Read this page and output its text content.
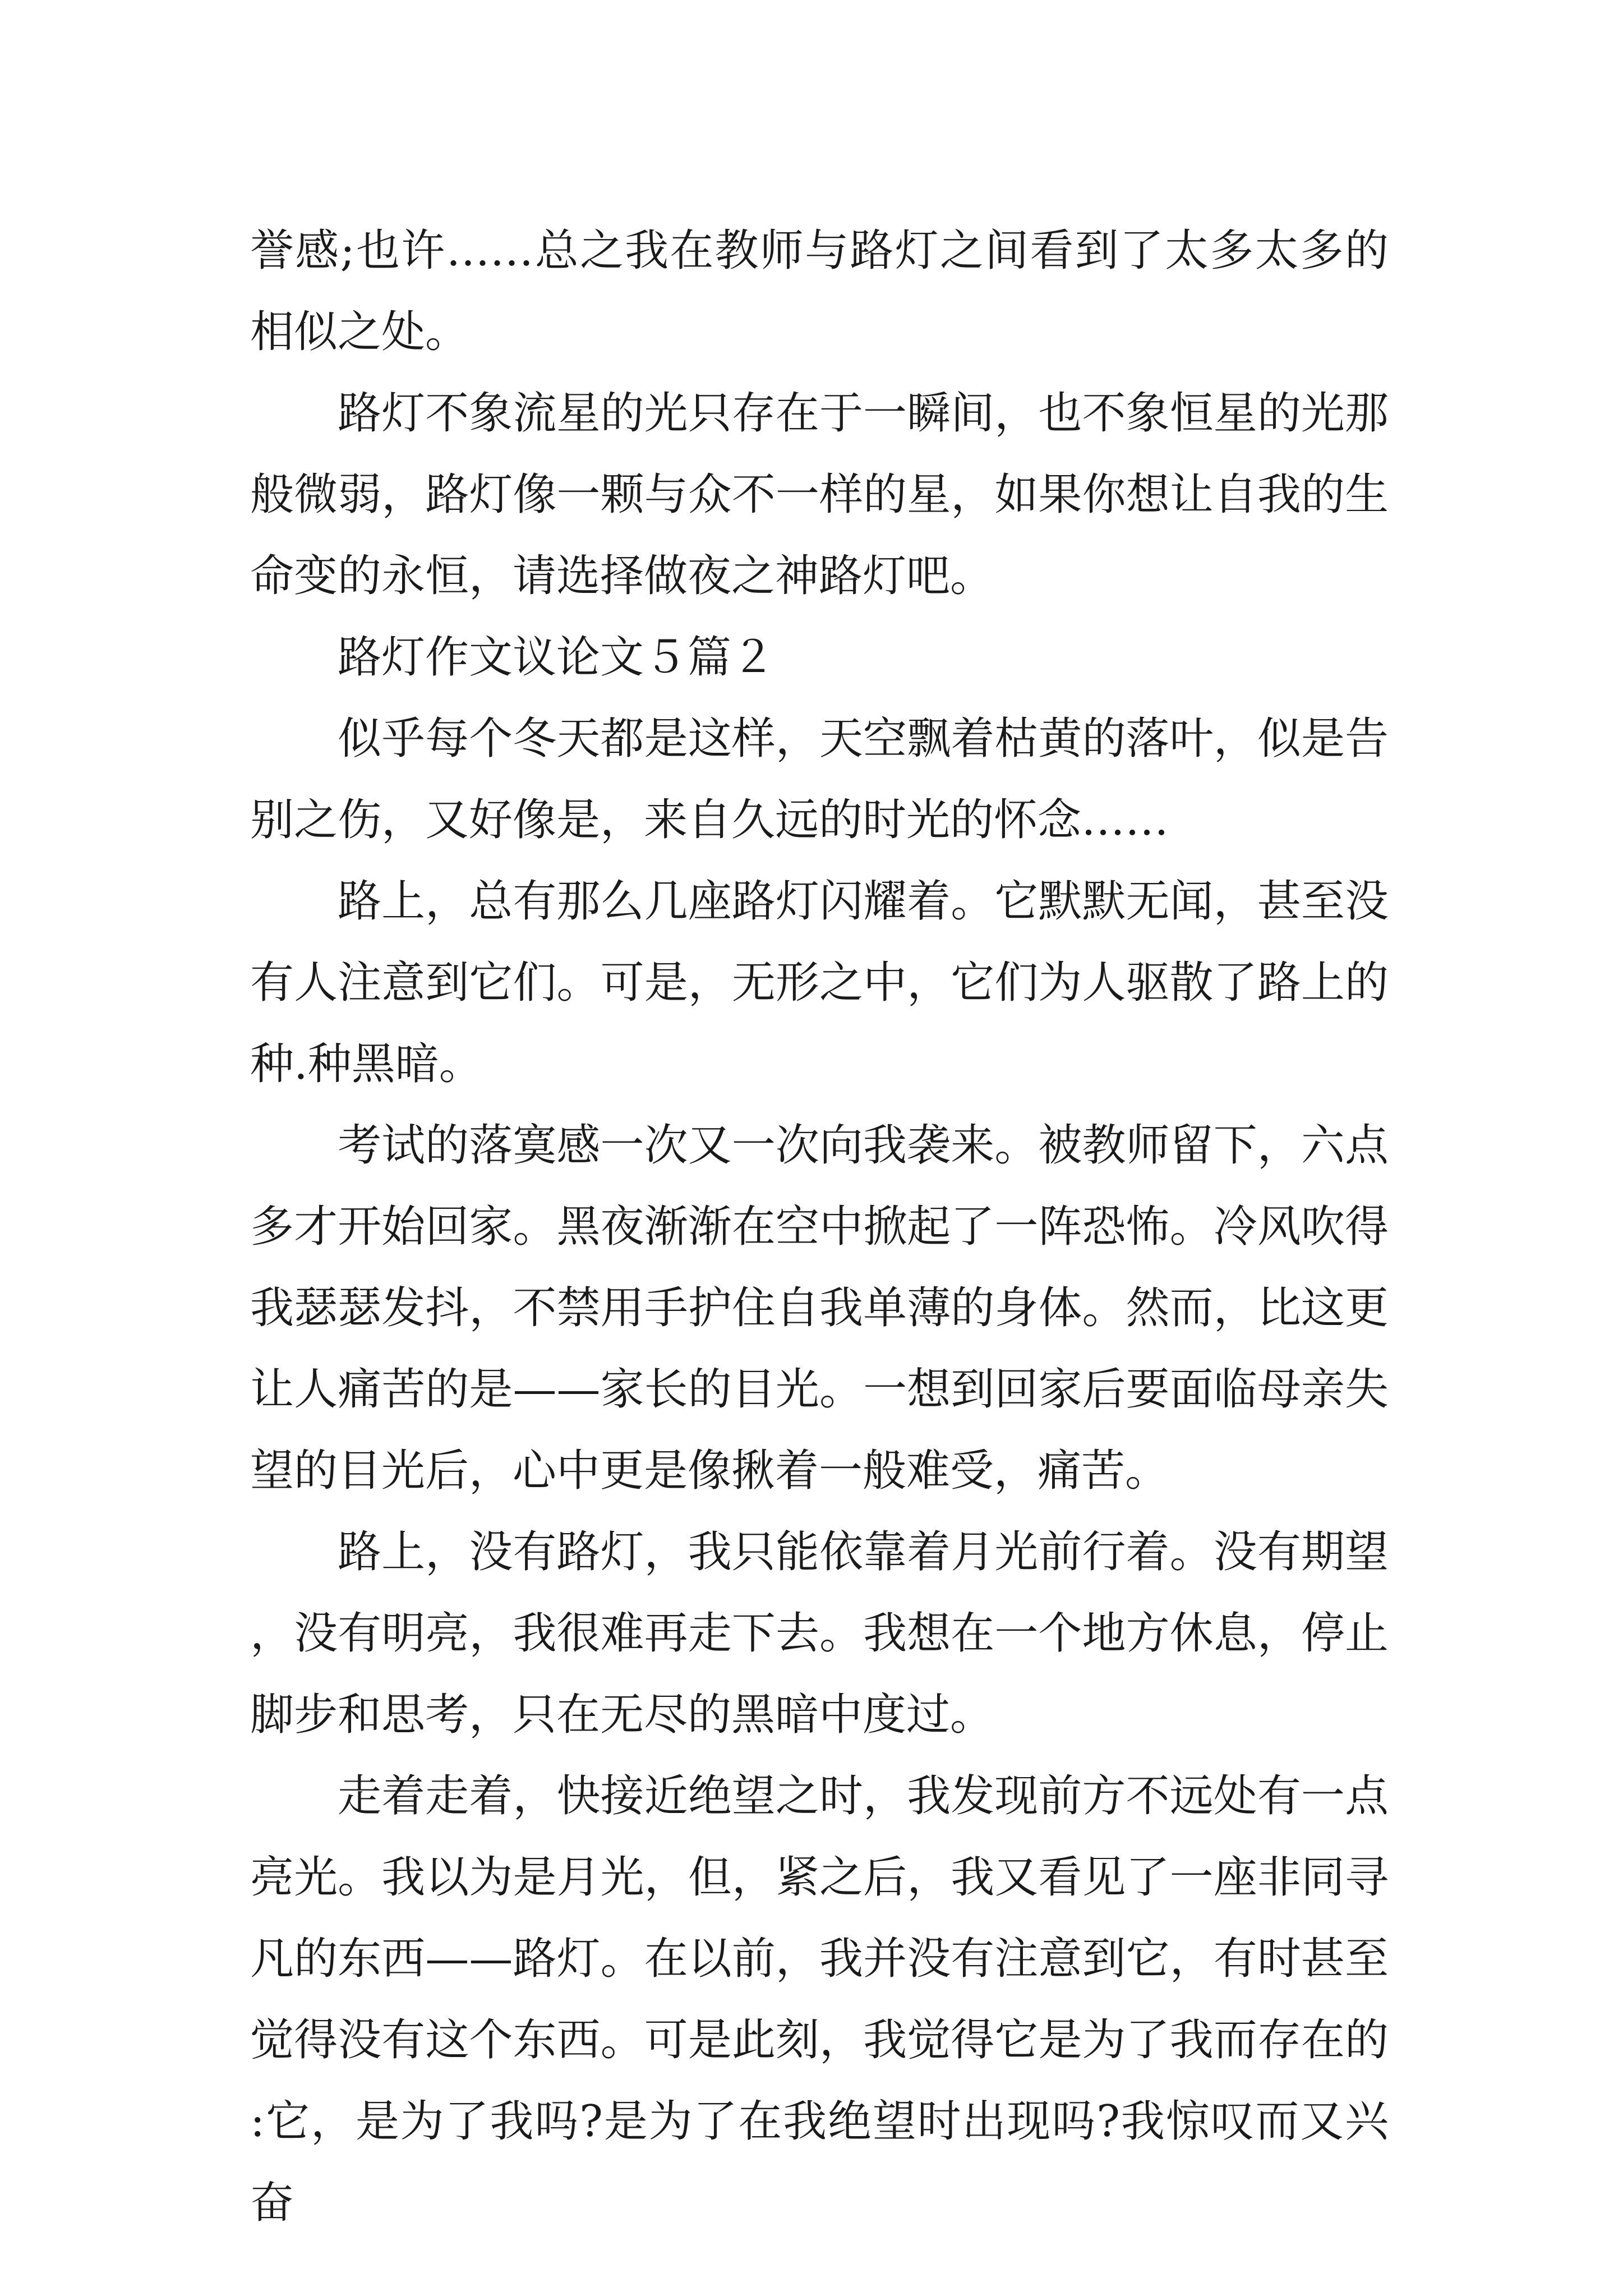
誉感;也许……总之我在教师与路灯之间看到了太多太多的相似之处。

路灯不象流星的光只存在于一瞬间，也不象恒星的光那般微弱，路灯像一颗与众不一样的星，如果你想让自我的生命变的永恒，请选择做夜之神路灯吧。

路灯作文议论文５篇２

似乎每个冬天都是这样，天空飘着枯黄的落叶，似是告别之伤，又好像是，来自久远的时光的怀念……

路上，总有那么几座路灯闪耀着。它默默无闻，甚至没有人注意到它们。可是，无形之中，它们为人驱散了路上的种.种黑暗。

考试的落寞感一次又一次向我袭来。被教师留下，六点多才开始回家。黑夜渐渐在空中掀起了一阵恐怖。冷风吹得我瑟瑟发抖，不禁用手护住自我单薄的身体。然而，比这更让人痛苦的是——家长的目光。一想到回家后要面临母亲失望的目光后，心中更是像揪着一般难受，痛苦。

路上，没有路灯，我只能依靠着月光前行着。没有期望，没有明亮，我很难再走下去。我想在一个地方休息，停止脚步和思考，只在无尽的黑暗中度过。

走着走着，快接近绝望之时，我发现前方不远处有一点亮光。我以为是月光，但，紧之后，我又看见了一座非同寻凡的东西——路灯。在以前，我并没有注意到它，有时甚至觉得没有这个东西。可是此刻，我觉得它是为了我而存在的:它，是为了我吗?是为了在我绝望时出现吗?我惊叹而又兴奋
